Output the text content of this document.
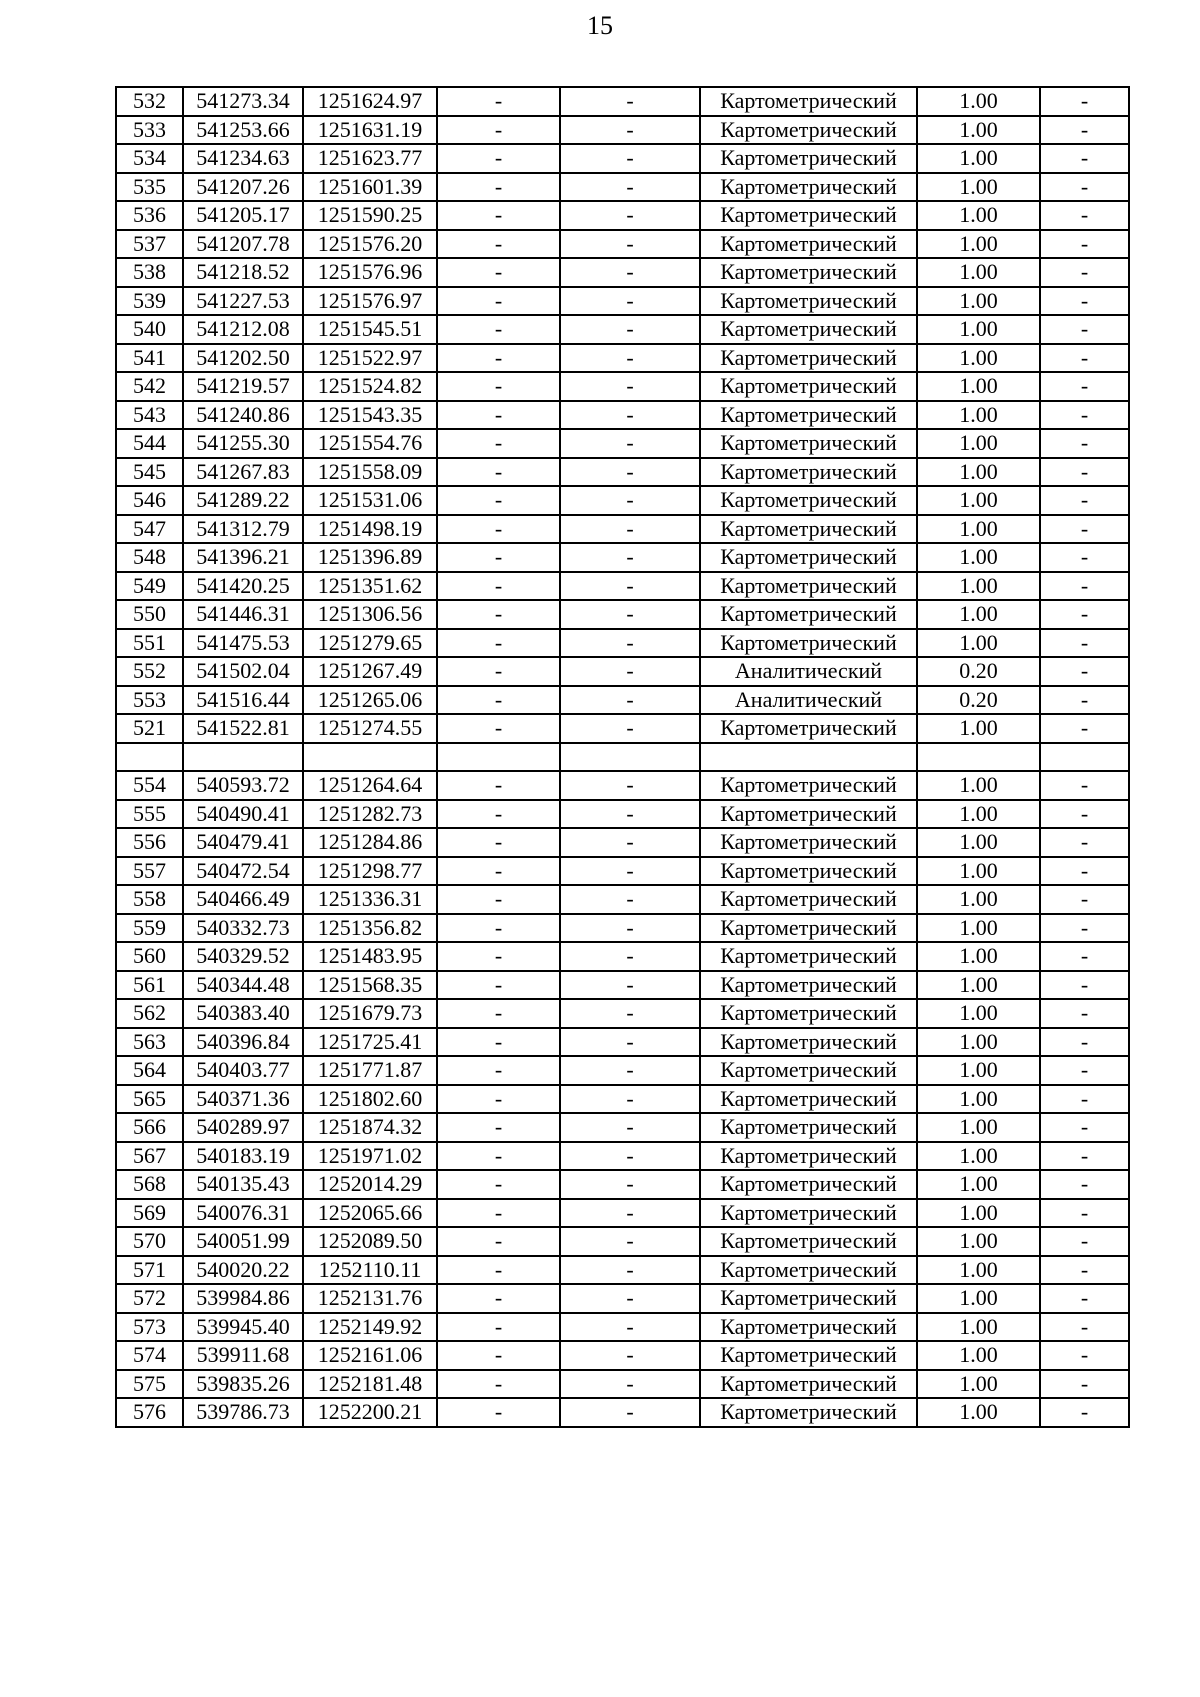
15
532	541273.34	1251624.97	-	-	Картометрический	1.00	-
533	541253.66	1251631.19	-	-	Картометрический	1.00	-
534	541234.63	1251623.77	-	-	Картометрический	1.00	-
535	541207.26	1251601.39	-	-	Картометрический	1.00	-
536	541205.17	1251590.25	-	-	Картометрический	1.00	-
537	541207.78	1251576.20	-	-	Картометрический	1.00	-
538	541218.52	1251576.96	-	-	Картометрический	1.00	-
539	541227.53	1251576.97	-	-	Картометрический	1.00	-
540	541212.08	1251545.51	-	-	Картометрический	1.00	-
541	541202.50	1251522.97	-	-	Картометрический	1.00	-
542	541219.57	1251524.82	-	-	Картометрический	1.00	-
543	541240.86	1251543.35	-	-	Картометрический	1.00	-
544	541255.30	1251554.76	-	-	Картометрический	1.00	-
545	541267.83	1251558.09	-	-	Картометрический	1.00	-
546	541289.22	1251531.06	-	-	Картометрический	1.00	-
547	541312.79	1251498.19	-	-	Картометрический	1.00	-
548	541396.21	1251396.89	-	-	Картометрический	1.00	-
549	541420.25	1251351.62	-	-	Картометрический	1.00	-
550	541446.31	1251306.56	-	-	Картометрический	1.00	-
551	541475.53	1251279.65	-	-	Картометрический	1.00	-
552	541502.04	1251267.49	-	-	Аналитический	0.20	-
553	541516.44	1251265.06	-	-	Аналитический	0.20	-
521	541522.81	1251274.55	-	-	Картометрический	1.00	-

554	540593.72	1251264.64	-	-	Картометрический	1.00	-
555	540490.41	1251282.73	-	-	Картометрический	1.00	-
556	540479.41	1251284.86	-	-	Картометрический	1.00	-
557	540472.54	1251298.77	-	-	Картометрический	1.00	-
558	540466.49	1251336.31	-	-	Картометрический	1.00	-
559	540332.73	1251356.82	-	-	Картометрический	1.00	-
560	540329.52	1251483.95	-	-	Картометрический	1.00	-
561	540344.48	1251568.35	-	-	Картометрический	1.00	-
562	540383.40	1251679.73	-	-	Картометрический	1.00	-
563	540396.84	1251725.41	-	-	Картометрический	1.00	-
564	540403.77	1251771.87	-	-	Картометрический	1.00	-
565	540371.36	1251802.60	-	-	Картометрический	1.00	-
566	540289.97	1251874.32	-	-	Картометрический	1.00	-
567	540183.19	1251971.02	-	-	Картометрический	1.00	-
568	540135.43	1252014.29	-	-	Картометрический	1.00	-
569	540076.31	1252065.66	-	-	Картометрический	1.00	-
570	540051.99	1252089.50	-	-	Картометрический	1.00	-
571	540020.22	1252110.11	-	-	Картометрический	1.00	-
572	539984.86	1252131.76	-	-	Картометрический	1.00	-
573	539945.40	1252149.92	-	-	Картометрический	1.00	-
574	539911.68	1252161.06	-	-	Картометрический	1.00	-
575	539835.26	1252181.48	-	-	Картометрический	1.00	-
576	539786.73	1252200.21	-	-	Картометрический	1.00	-
